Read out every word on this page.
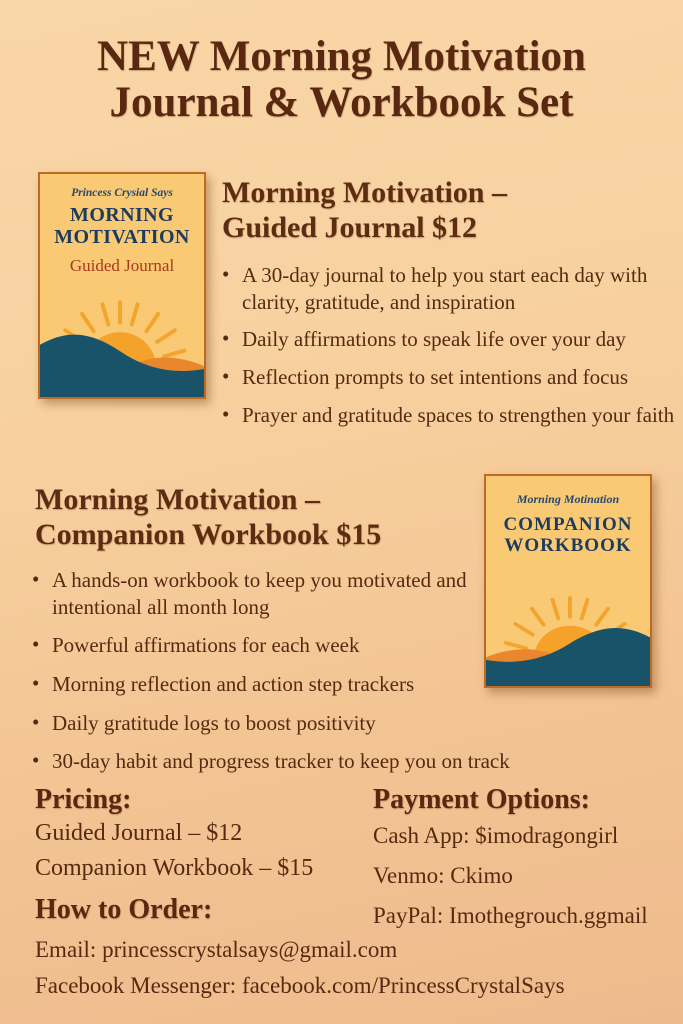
NEW Morning Motivation
Journal & Workbook Set
Princess Crysial Says
MORNING
MOTIVATION
Guided Journal
Morning Motivation –
Guided Journal $12
• A 30-day journal to help you start each day with clarity, gratitude, and inspiration
• Daily affirmations to speak life over your day
• Reflection prompts to set intentions and focus
• Prayer and gratitude spaces to strengthen your faith
Morning Motivation –
Companion Workbook $15
Morning Motination
COMPANION
WORKBOOK
• A hands-on workbook to keep you motivated and intentional all month long
• Powerful affirmations for each week
• Morning reflection and action step trackers
• Daily gratitude logs to boost positivity
• 30-day habit and progress tracker to keep you on track
Pricing:
Guided Journal – $12
Companion Workbook – $15
Payment Options:
Cash App: $imodragongirl
Venmo: Ckimo
PayPal: Imothegrouch.ggmail
How to Order:
Email: princesscrystalsays@gmail.com
Facebook Messenger: facebook.com/PrincessCrystalSays
